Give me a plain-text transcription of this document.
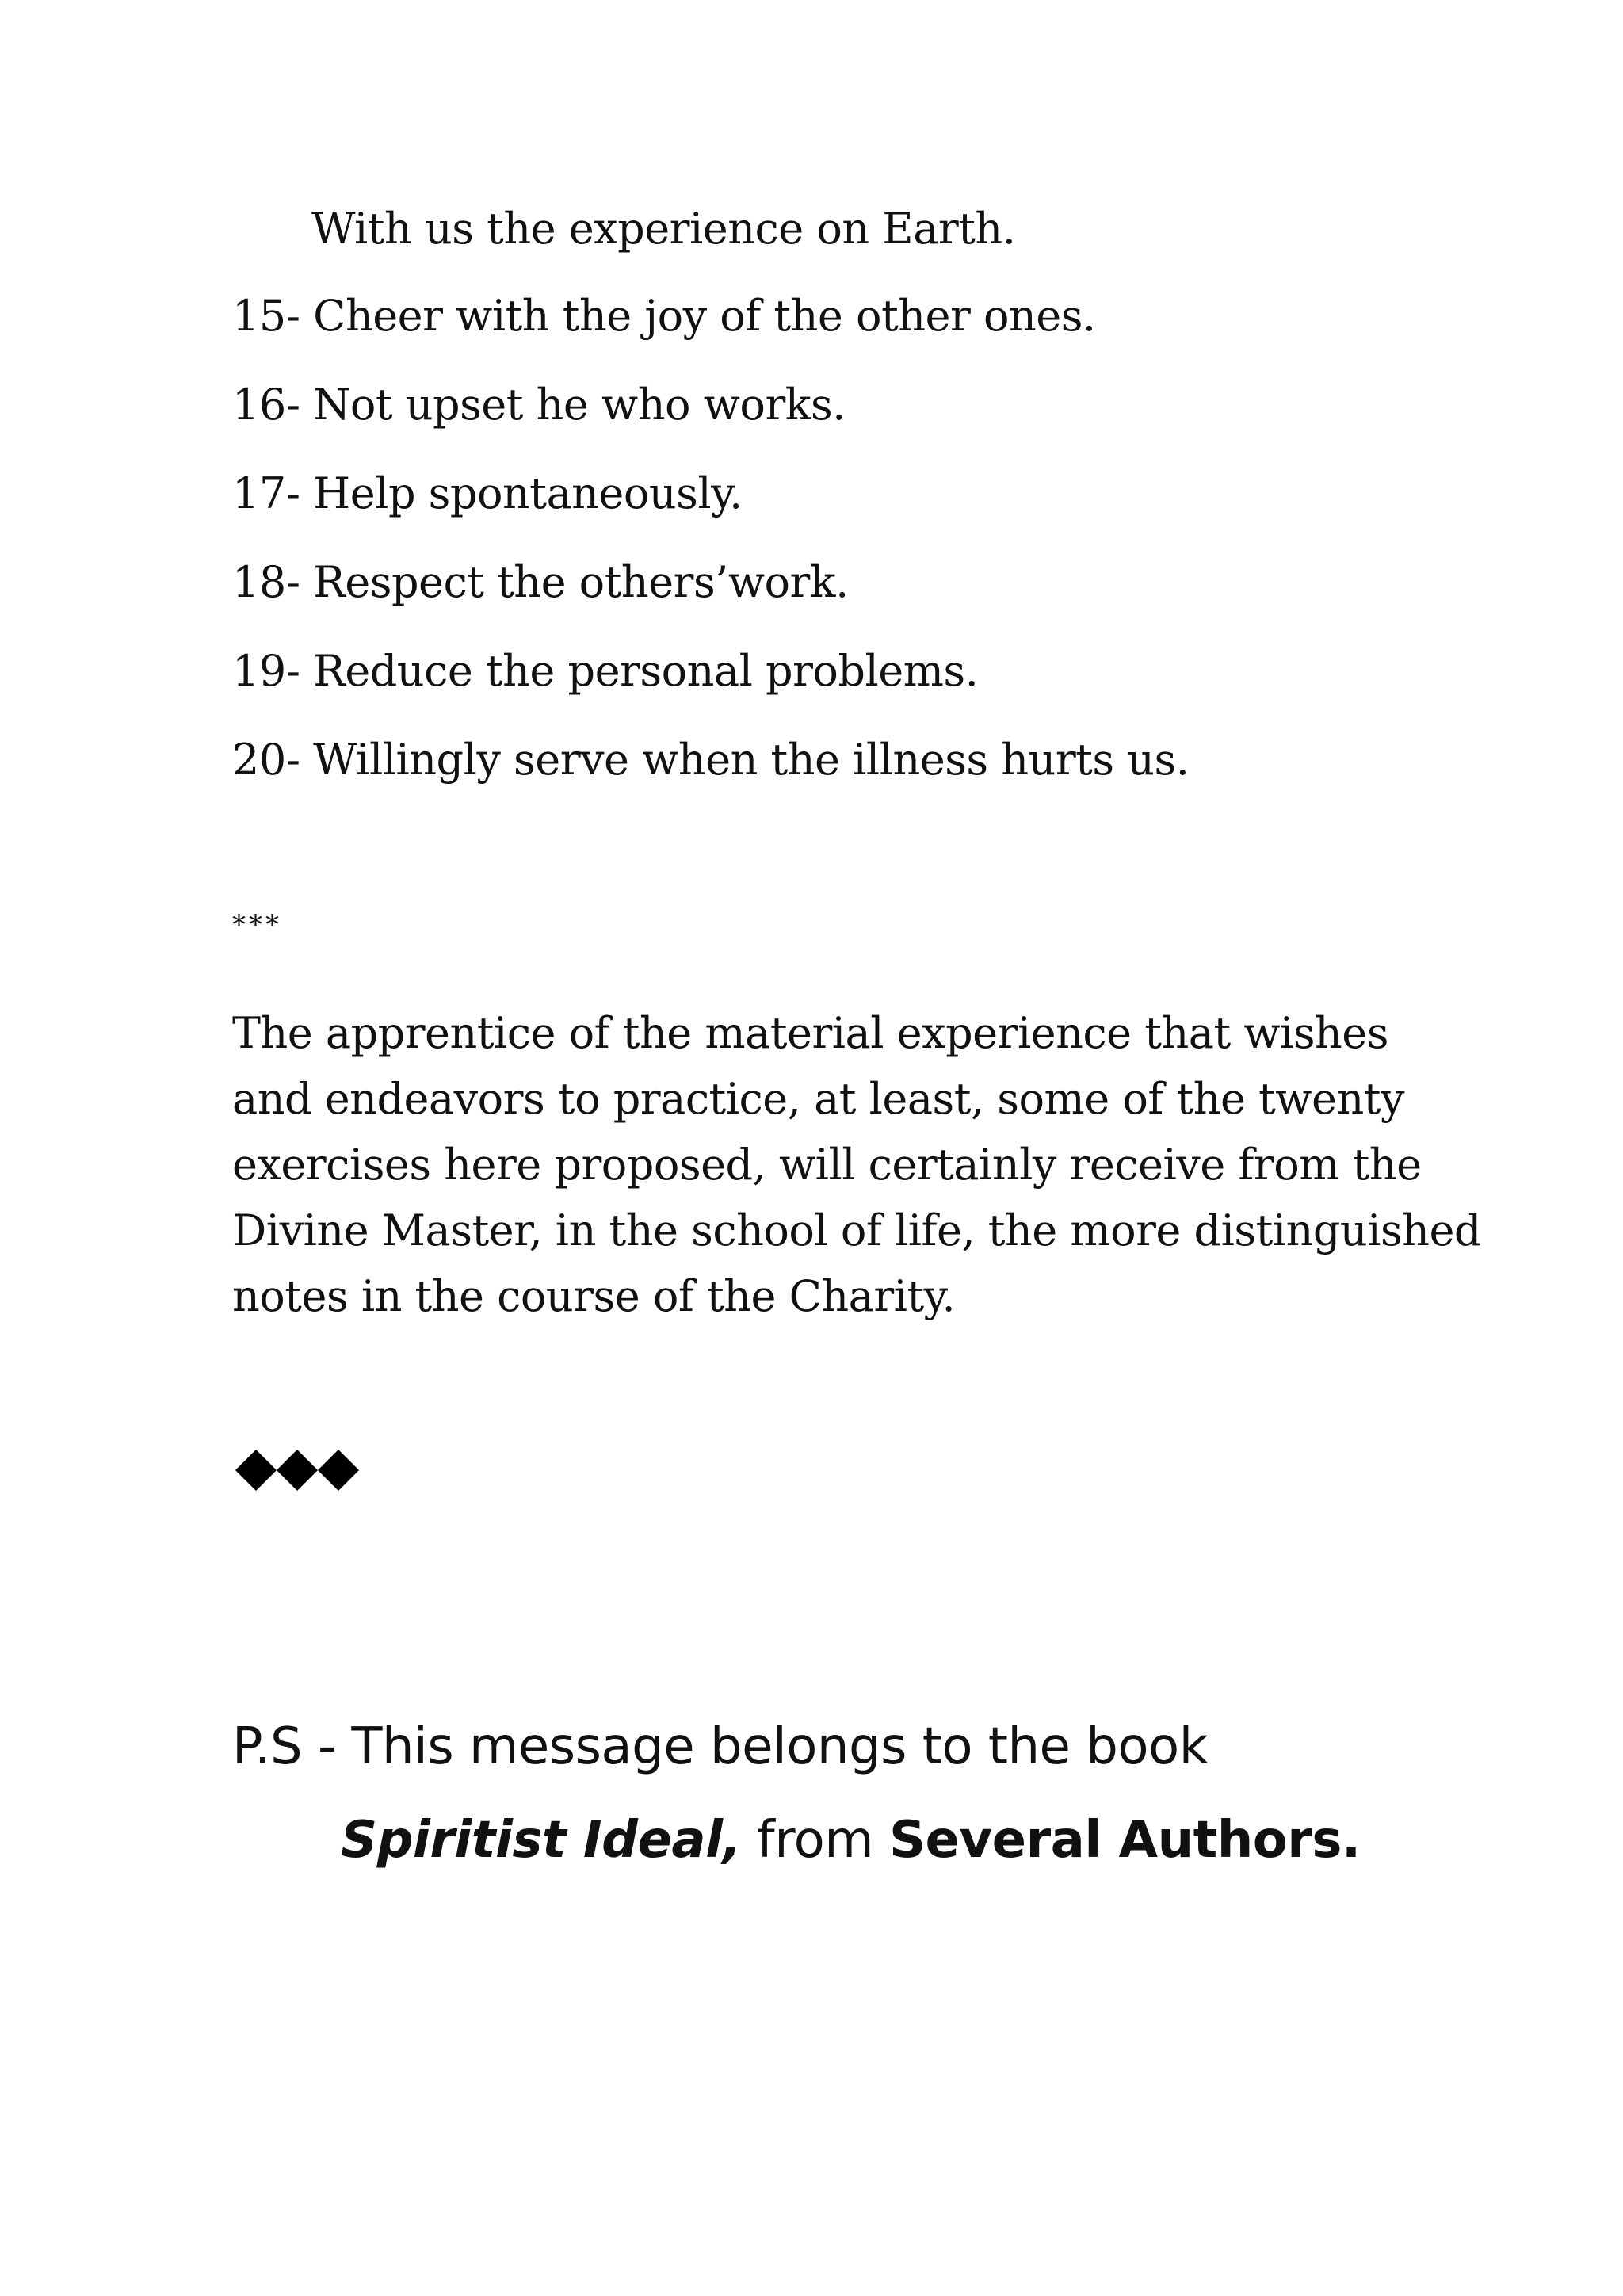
With us the experience on Earth.
15- Cheer with the joy of the other ones.
16- Not upset he who works.
17- Help spontaneously.
18- Respect the others’work.
19- Reduce the personal problems.
20- Willingly serve when the illness hurts us.
***
The apprentice of the material experience that wishes
and endeavors to practice, at least, some of the twenty
exercises here proposed, will certainly receive from the
Divine Master, in the school of life, the more distinguished
notes in the course of the Charity.
P.S - This message belongs to the book
Spiritist Ideal, from Several Authors.
